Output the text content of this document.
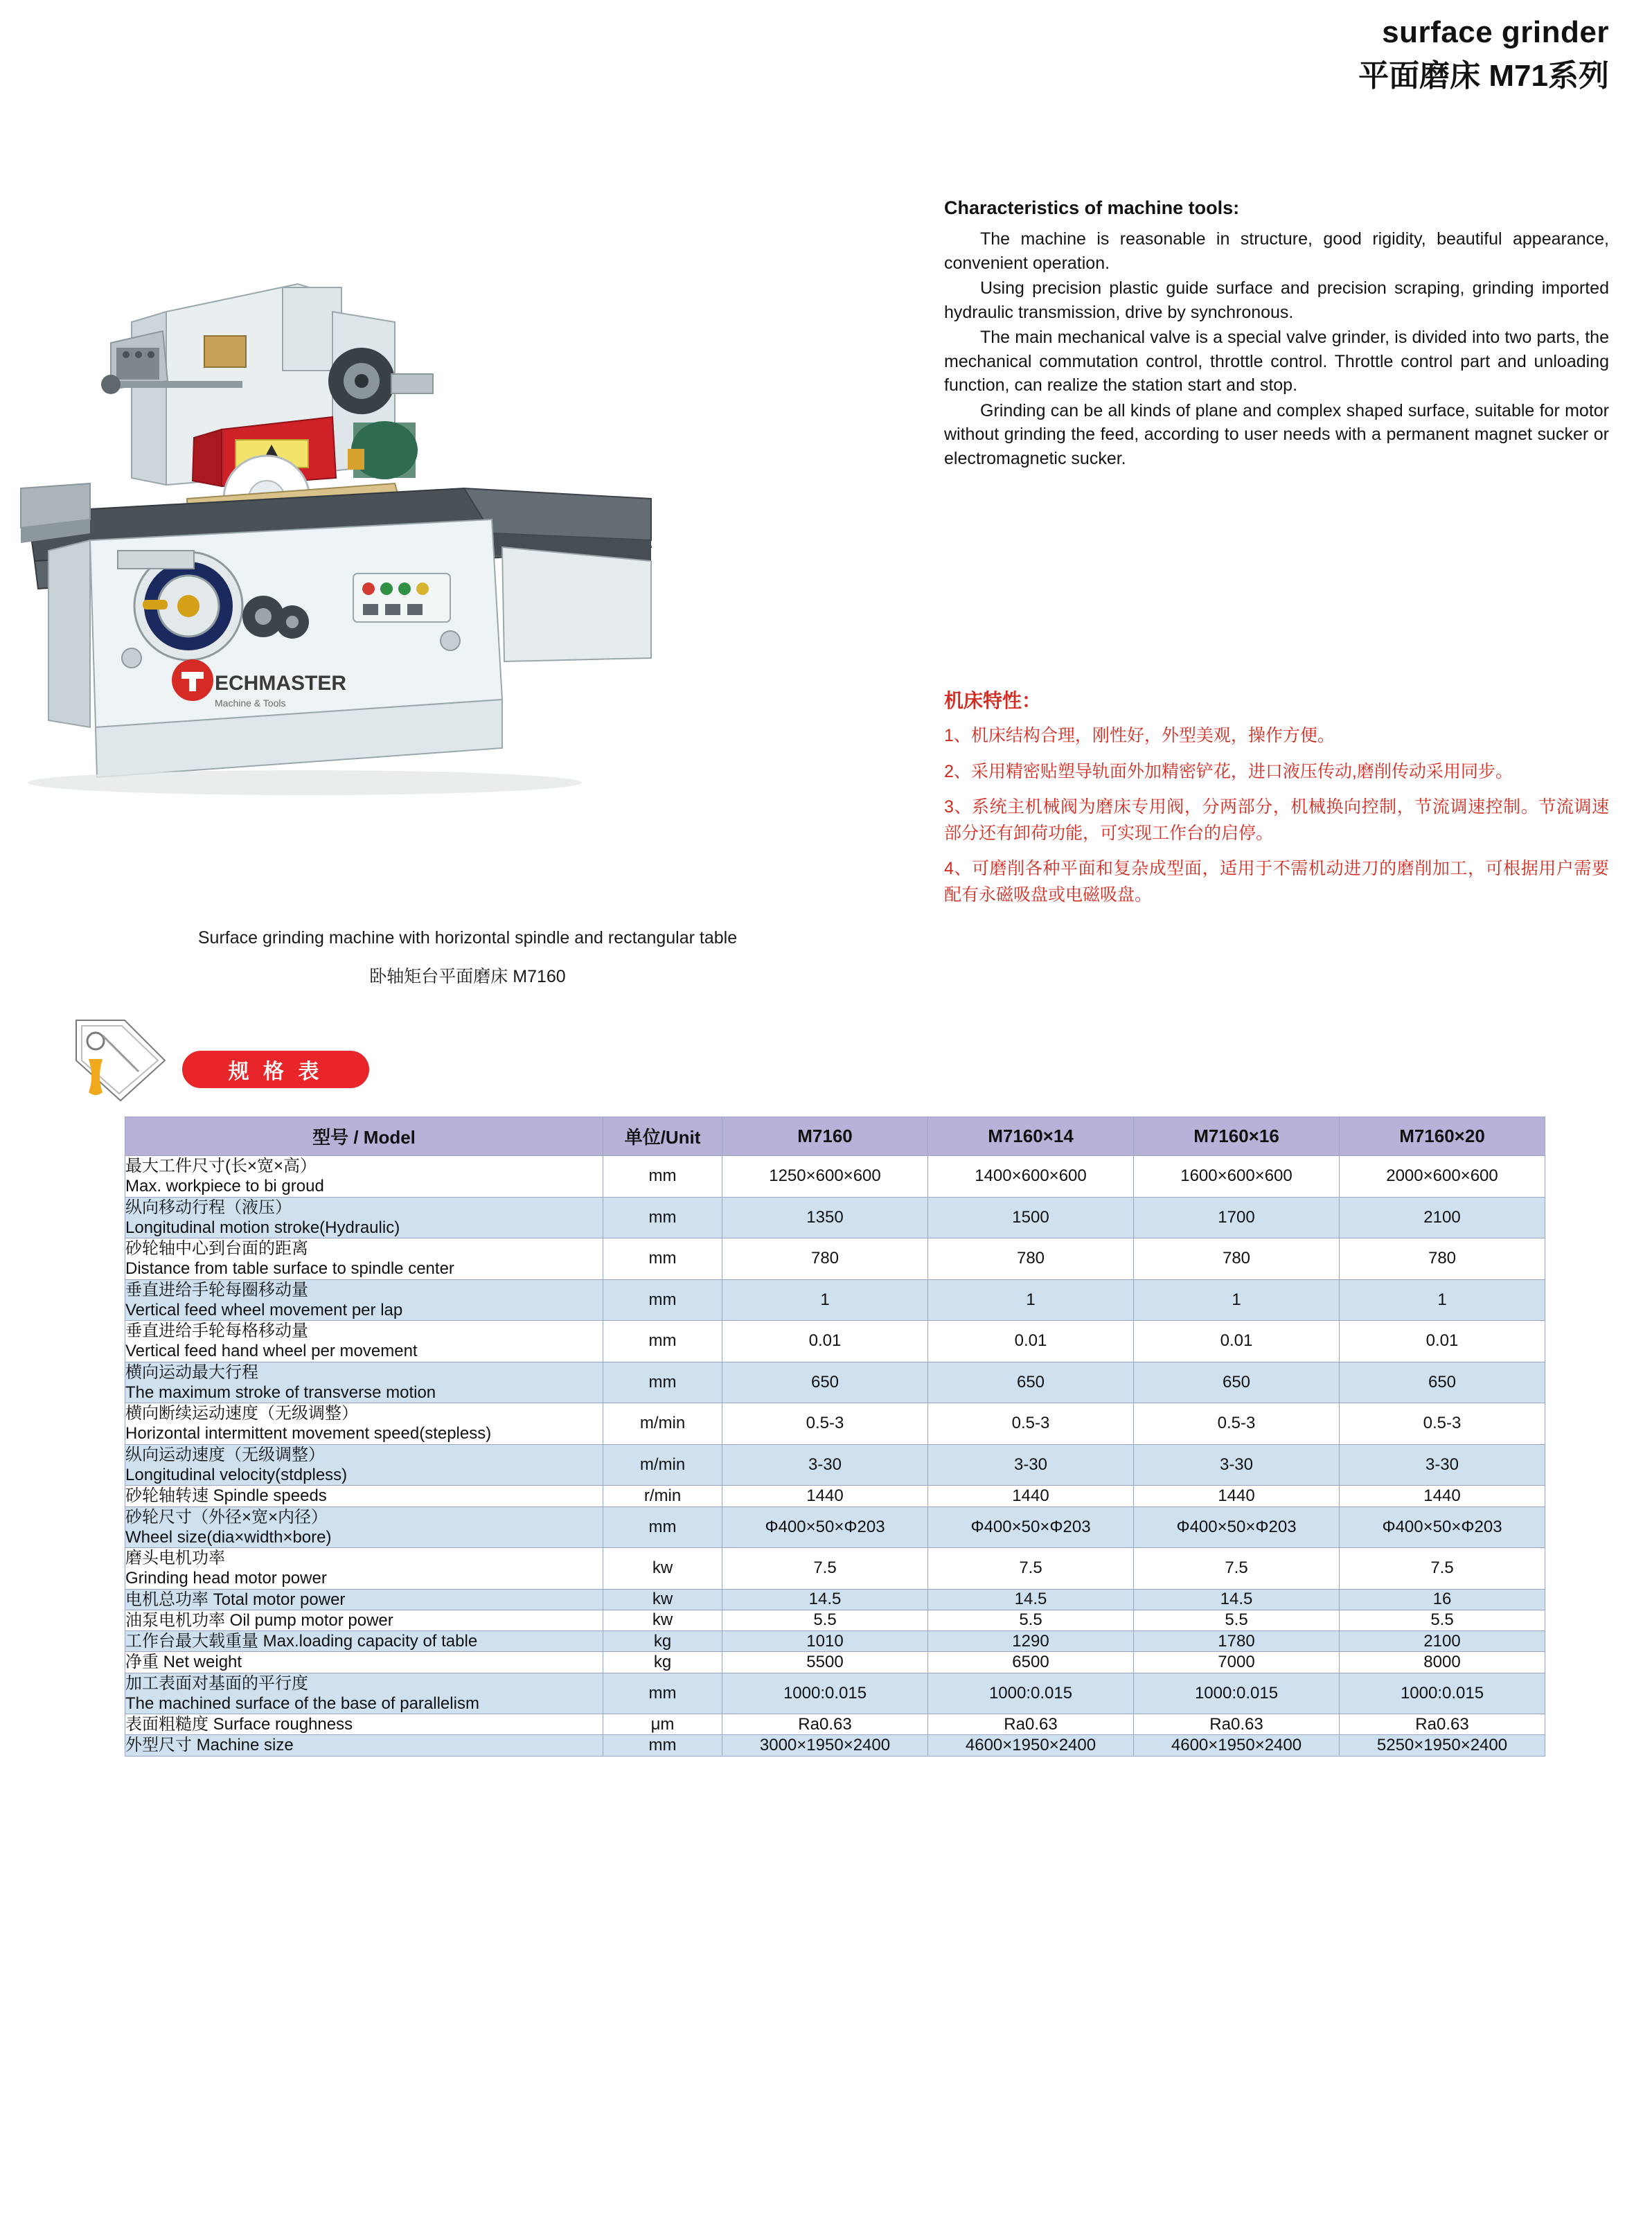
surface grinder
平面磨床 M71系列
ECHMASTER
Machine & Tools
Surface grinding machine with horizontal spindle and rectangular table
卧轴矩台平面磨床 M7160
Characteristics of machine tools:

The machine is reasonable in structure, good rigidity, beautiful appearance, convenient operation.

Using precision plastic guide surface and precision scraping, grinding imported hydraulic transmission, drive by synchronous.

The main mechanical valve is a special valve grinder, is divided into two parts, the mechanical commutation control, throttle control. Throttle control part and unloading function, can realize the station start and stop.

Grinding can be all kinds of plane and complex shaped surface, suitable for motor without grinding the feed, according to user needs with a permanent magnet sucker or electromagnetic sucker.

机床特性：
1、机床结构合理，刚性好，外型美观，操作方便。
2、采用精密贴塑导轨面外加精密铲花，进口液压传动,磨削传动采用同步。
3、系统主机械阀为磨床专用阀，分两部分，机械换向控制，节流调速控制。节流调速部分还有卸荷功能，可实现工作台的启停。
4、可磨削各种平面和复杂成型面，适用于不需机动进刀的磨削加工，可根据用户需要配有永磁吸盘或电磁吸盘。
规 格 表
型号 / Model	单位/Unit	M7160	M7160×14	M7160×16	M7160×20

最大工件尺寸(长×宽×高）
Max. workpiece to bi groud	mm	1250×600×600	1400×600×600	1600×600×600	2000×600×600

纵向移动行程（液压）
Longitudinal motion stroke(Hydraulic)	mm	1350	1500	1700	2100

砂轮轴中心到台面的距离
Distance from table surface to spindle center	mm	780	780	780	780

垂直进给手轮每圈移动量
Vertical feed wheel movement per lap	mm	1	1	1	1

垂直进给手轮每格移动量
Vertical feed hand wheel per movement	mm	0.01	0.01	0.01	0.01

横向运动最大行程
The maximum stroke of transverse motion	mm	650	650	650	650

横向断续运动速度（无级调整）
Horizontal intermittent movement speed(stepless)	m/min	0.5-3	0.5-3	0.5-3	0.5-3

纵向运动速度（无级调整）
Longitudinal velocity(stdpless)	m/min	3-30	3-30	3-30	3-30

砂轮轴转速 Spindle speeds	r/min	1440	1440	1440	1440

砂轮尺寸（外径×宽×内径）
Wheel size(dia×width×bore)	mm	Φ400×50×Φ203	Φ400×50×Φ203	Φ400×50×Φ203	Φ400×50×Φ203

磨头电机功率
Grinding head motor power	kw	7.5	7.5	7.5	7.5

电机总功率 Total motor power	kw	14.5	14.5	14.5	16

油泵电机功率 Oil pump motor power	kw	5.5	5.5	5.5	5.5

工作台最大载重量 Max.loading capacity of table	kg	1010	1290	1780	2100

净重 Net weight	kg	5500	6500	7000	8000

加工表面对基面的平行度
The machined surface of the base of parallelism	mm	1000:0.015	1000:0.015	1000:0.015	1000:0.015

表面粗糙度 Surface roughness	μm	Ra0.63	Ra0.63	Ra0.63	Ra0.63

外型尺寸 Machine size	mm	3000×1950×2400	4600×1950×2400	4600×1950×2400	5250×1950×2400
